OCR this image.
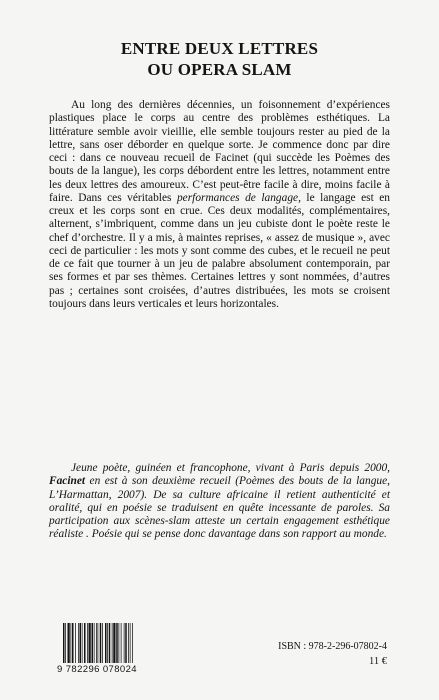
ENTRE DEUX LETTRES
OU OPERA SLAM

Au long des dernières décennies, un foisonnement d’expériences plastiques place le corps au centre des problèmes esthétiques. La littérature semble avoir vieillie, elle semble toujours rester au pied de la lettre, sans oser déborder en quelque sorte. Je commence donc par dire ceci : dans ce nouveau recueil de Facinet (qui succède les Poèmes des bouts de la langue), les corps débordent entre les lettres, notamment entre les deux lettres des amoureux. C’est peut-être facile à dire, moins facile à faire. Dans ces véritables performances de langage, le langage est en creux et les corps sont en crue. Ces deux modalités, complémentaires, alternent, s’imbriquent, comme dans un jeu cubiste dont le poète reste le chef d’orchestre. Il y a mis, à maintes reprises, « assez de musique », avec ceci de particulier : les mots y sont comme des cubes, et le recueil ne peut de ce fait que tourner à un jeu de palabre absolument contemporain, par ses formes et par ses thèmes. Certaines lettres y sont nommées, d’autres pas ; certaines sont croisées, d’autres distribuées, les mots se croisent toujours dans leurs verticales et leurs horizontales.

Jeune poète, guinéen et francophone, vivant à Paris depuis 2000, Facinet en est à son deuxième recueil (Poèmes des bouts de la langue, L’Harmattan, 2007). De sa culture africaine il retient authenticité et oralité, qui en poésie se traduisent en quête incessante de paroles. Sa participation aux scènes-slam atteste un certain engagement esthétique réaliste . Poésie qui se pense donc davantage dans son rapport au monde.

9 782296 078024
ISBN : 978-2-296-07802-4
11 €
